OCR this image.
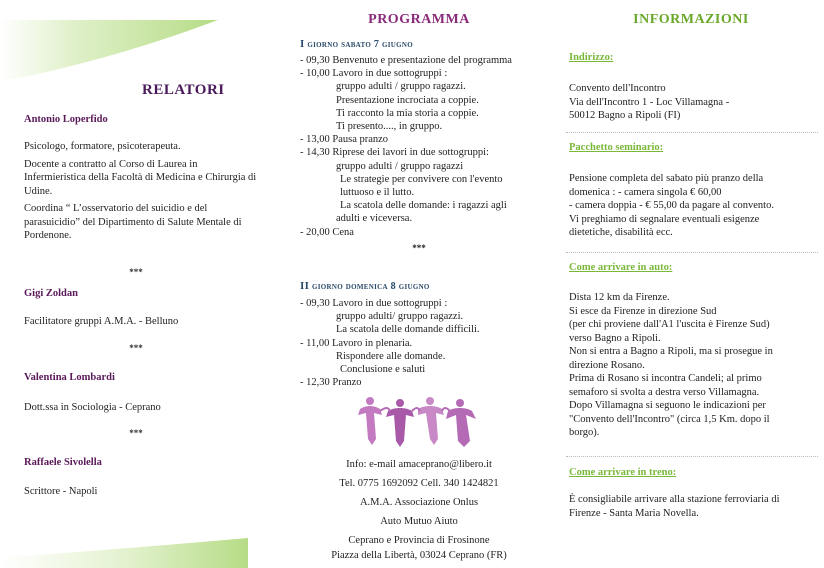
RELATORI
Antonio Loperfido

Psicologo, formatore, psicoterapeuta.

Docente a contratto al Corso di Laurea in Infermieristica della Facoltà di Medicina e Chirurgia di Udine.

Coordina “ L’osservatorio del suicidio e del parasuicidio” del Dipartimento di Salute Mentale di Pordenone.

***
Gigi Zoldan
Facilitatore gruppi A.M.A. - Belluno
***
Valentina Lombardi
Dott.ssa in Sociologia - Ceprano
***
Raffaele Sivolella
Scrittore - Napoli
PROGRAMMA
I giorno sabato 7 giugno
- 09,30 Benvenuto e presentazione del programma
- 10,00 Lavoro in due sottogruppi :
gruppo adulti / gruppo ragazzi.
Presentazione incrociata a coppie.
Ti racconto la mia storia a coppie.
Ti presento...., in gruppo.
- 13,00 Pausa pranzo
- 14,30 Riprese dei lavori in due sottogruppi:
gruppo adulti / gruppo ragazzi
Le strategie per convivere con l'evento
luttuoso e il lutto.
La scatola delle domande: i ragazzi agli
adulti e viceversa.
- 20,00 Cena
***
II giorno domenica 8 giugno
- 09,30 Lavoro in due sottogruppi :
gruppo adulti/ gruppo ragazzi.
La scatola delle domande difficili.
- 11,00 Lavoro in plenaria.
Rispondere alle domande.
Conclusione e saluti
- 12,30 Pranzo
Info: e-mail amaceprano@libero.it
Tel. 0775 1692092 Cell. 340 1424821
A.M.A. Associazione Onlus
Auto Mutuo Aiuto
Ceprano e Provincia di Frosinone
Piazza della Libertà, 03024 Ceprano (FR)
INFORMAZIONI
Indirizzo:

Convento dell'Incontro

Via dell'Incontro 1 - Loc Villamagna -

50012 Bagno a Ripoli (FI)

Pacchetto seminario:

Pensione completa del sabato più pranzo della

domenica : - camera singola € 60,00

- camera doppia - € 55,00 da pagare al convento.

Vi preghiamo di segnalare eventuali esigenze

dietetiche, disabilità ecc.

Come arrivare in auto:

Dista 12 km da Firenze.

Si esce da Firenze in direzione Sud

(per chi proviene dall'A1 l'uscita è Firenze Sud)

verso Bagno a Ripoli.

Non si entra a Bagno a Ripoli, ma si prosegue in

direzione Rosano.

Prima di Rosano si incontra Candeli; al primo

semaforo si svolta a destra verso Villamagna.

Dopo Villamagna si seguono le indicazioni per

"Convento dell'Incontro" (circa 1,5 Km. dopo il

borgo).

Come arrivare in treno:

È consigliabile arrivare alla stazione ferroviaria di

Firenze - Santa Maria Novella.
